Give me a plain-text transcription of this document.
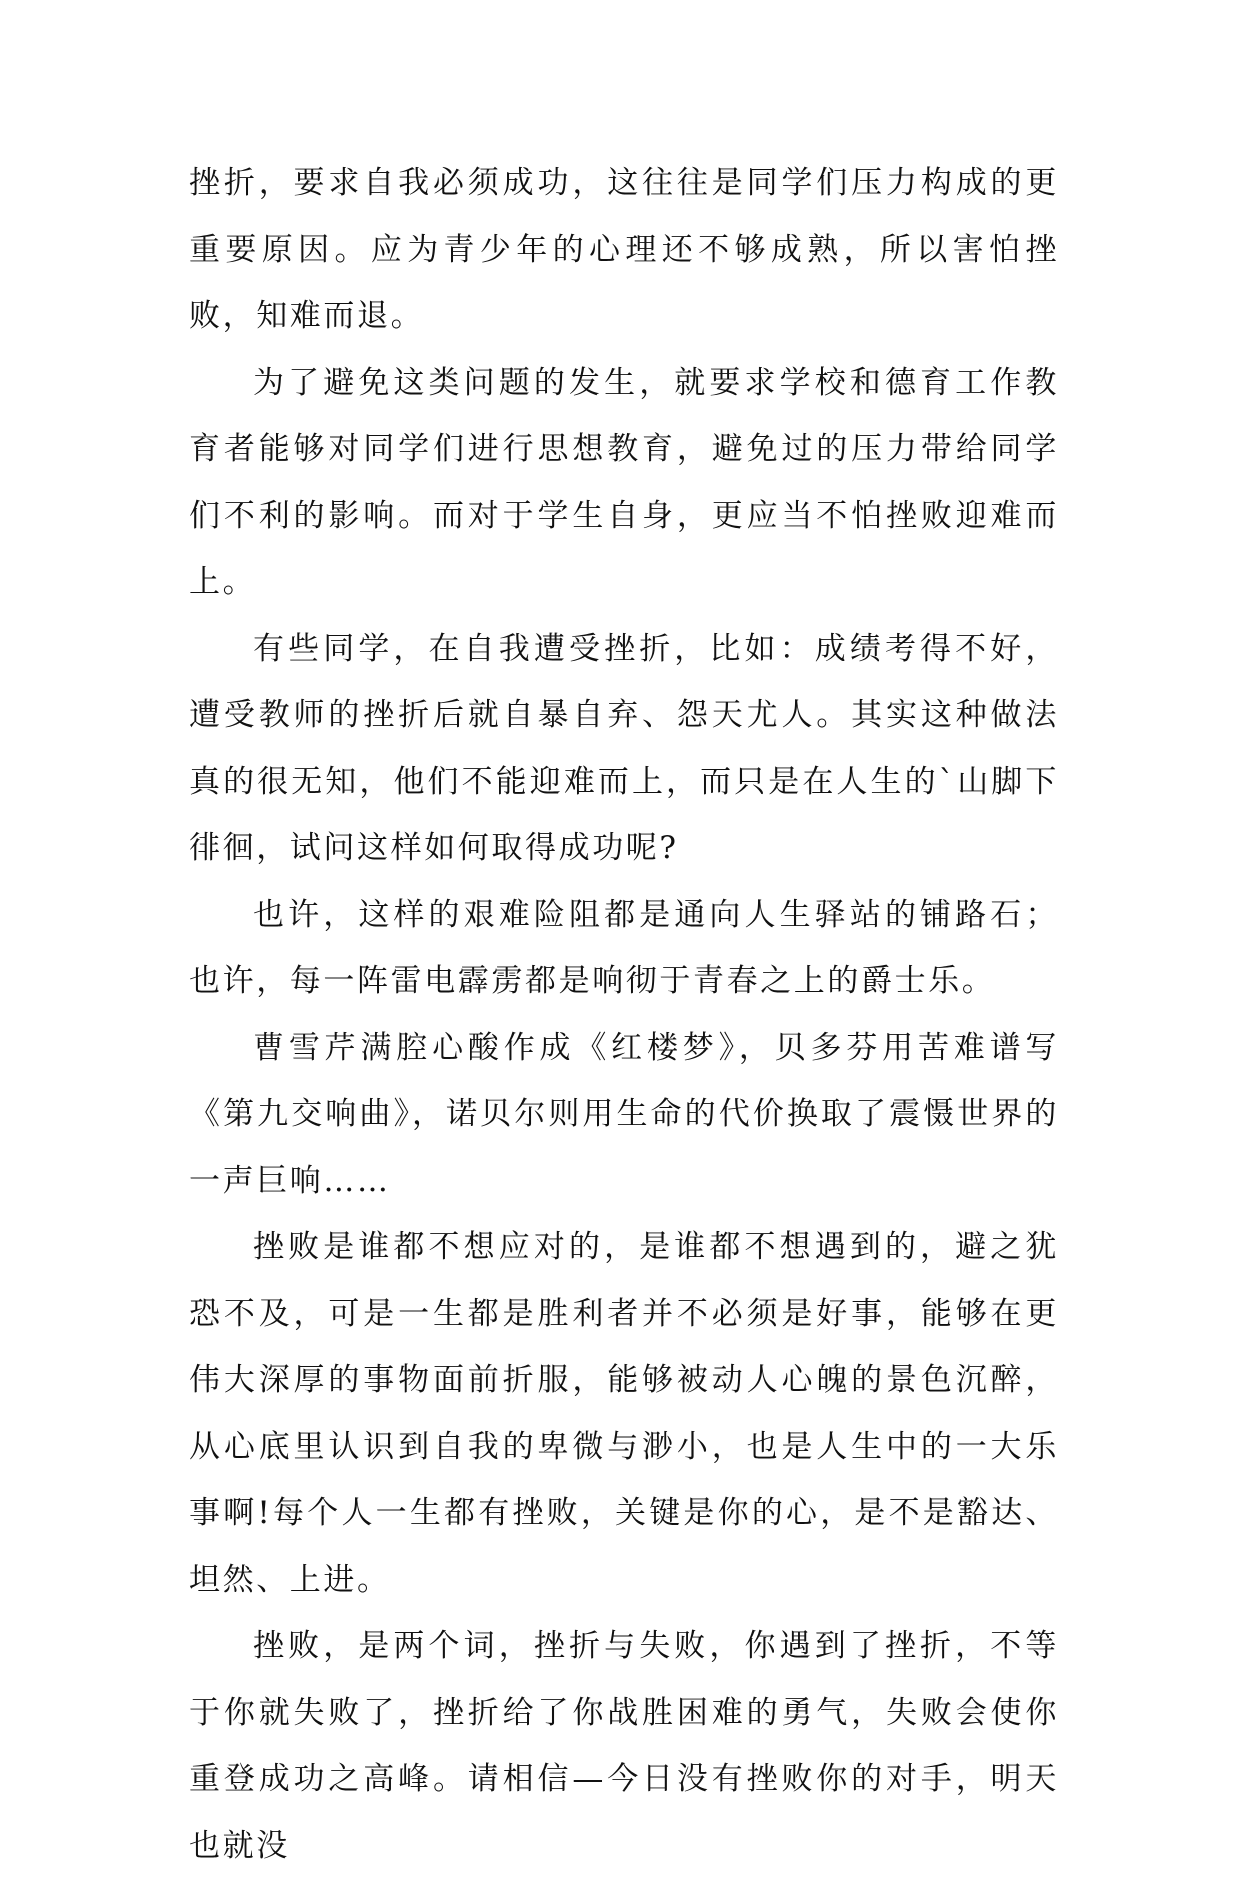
挫折，要求自我必须成功，这往往是同学们压力构成的更重要原因。应为青少年的心理还不够成熟，所以害怕挫败，知难而退。

为了避免这类问题的发生，就要求学校和德育工作教育者能够对同学们进行思想教育，避免过的压力带给同学们不利的影响。而对于学生自身，更应当不怕挫败迎难而上。

有些同学，在自我遭受挫折，比如：成绩考得不好，遭受教师的挫折后就自暴自弃、怨天尤人。其实这种做法真的很无知，他们不能迎难而上，而只是在人生的`山脚下徘徊，试问这样如何取得成功呢?

也许，这样的艰难险阻都是通向人生驿站的铺路石；也许，每一阵雷电霹雳都是响彻于青春之上的爵士乐。

曹雪芹满腔心酸作成《红楼梦》，贝多芬用苦难谱写《第九交响曲》，诺贝尔则用生命的代价换取了震慑世界的一声巨响……

挫败是谁都不想应对的，是谁都不想遇到的，避之犹恐不及，可是一生都是胜利者并不必须是好事，能够在更伟大深厚的事物面前折服，能够被动人心魄的景色沉醉，从心底里认识到自我的卑微与渺小，也是人生中的一大乐事啊!每个人一生都有挫败，关键是你的心，是不是豁达、坦然、上进。

挫败，是两个词，挫折与失败，你遇到了挫折，不等于你就失败了，挫折给了你战胜困难的勇气，失败会使你重登成功之高峰。请相信—今日没有挫败你的对手，明天也就没
